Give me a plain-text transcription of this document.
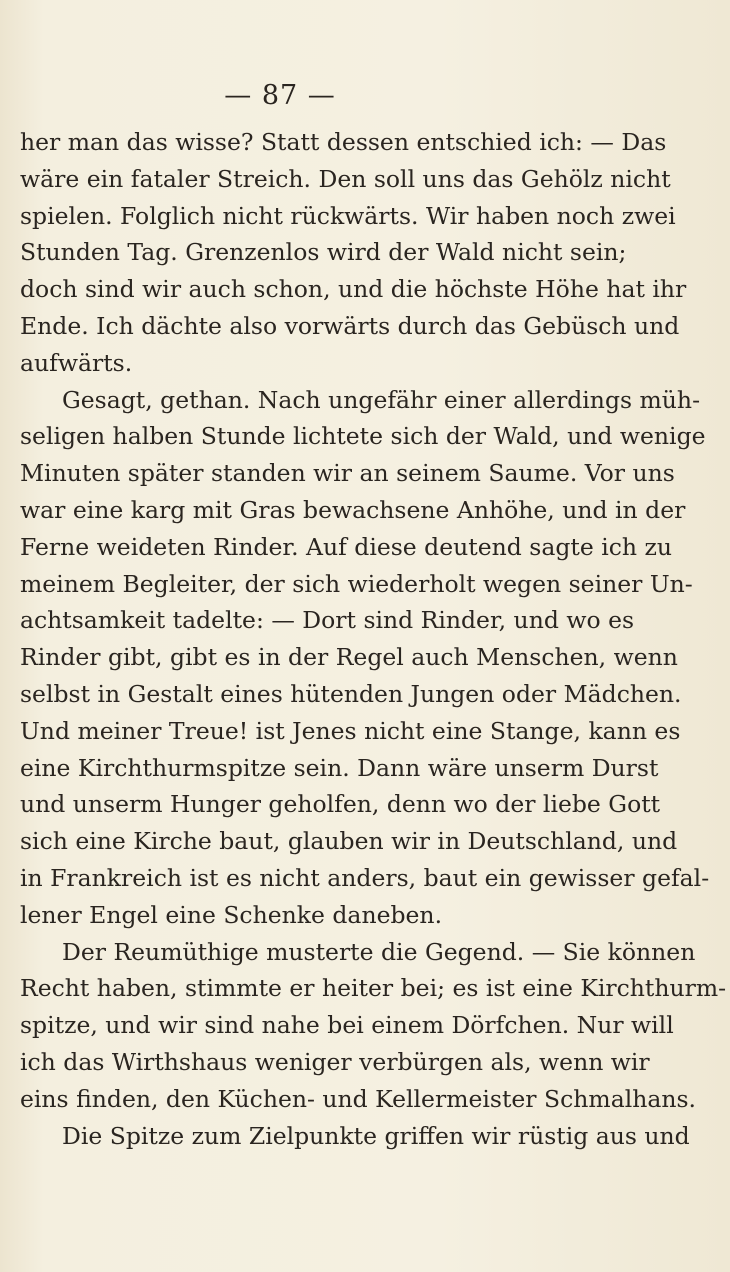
— 87 —
her man das wisse? Statt dessen entschied ich: — Das
wäre ein fataler Streich. Den soll uns das Gehölz nicht
spielen. Folglich nicht rückwärts. Wir haben noch zwei
Stunden Tag. Grenzenlos wird der Wald nicht sein;
doch sind wir auch schon, und die höchste Höhe hat ihr
Ende. Ich dächte also vorwärts durch das Gebüsch und
aufwärts.
Gesagt, gethan. Nach ungefähr einer allerdings müh-
seligen halben Stunde lichtete sich der Wald, und wenige
Minuten später standen wir an seinem Saume. Vor uns
war eine karg mit Gras bewachsene Anhöhe, und in der
Ferne weideten Rinder. Auf diese deutend sagte ich zu
meinem Begleiter, der sich wiederholt wegen seiner Un-
achtsamkeit tadelte: — Dort sind Rinder, und wo es
Rinder gibt, gibt es in der Regel auch Menschen, wenn
selbst in Gestalt eines hütenden Jungen oder Mädchen.
Und meiner Treue! ist Jenes nicht eine Stange, kann es
eine Kirchthurmspitze sein. Dann wäre unserm Durst
und unserm Hunger geholfen, denn wo der liebe Gott
sich eine Kirche baut, glauben wir in Deutschland, und
in Frankreich ist es nicht anders, baut ein gewisser gefal-
lener Engel eine Schenke daneben.
Der Reumüthige musterte die Gegend. — Sie können
Recht haben, stimmte er heiter bei; es ist eine Kirchthurm-
spitze, und wir sind nahe bei einem Dörfchen. Nur will
ich das Wirthshaus weniger verbürgen als, wenn wir
eins finden, den Küchen- und Kellermeister Schmalhans.
Die Spitze zum Zielpunkte griffen wir rüstig aus und
